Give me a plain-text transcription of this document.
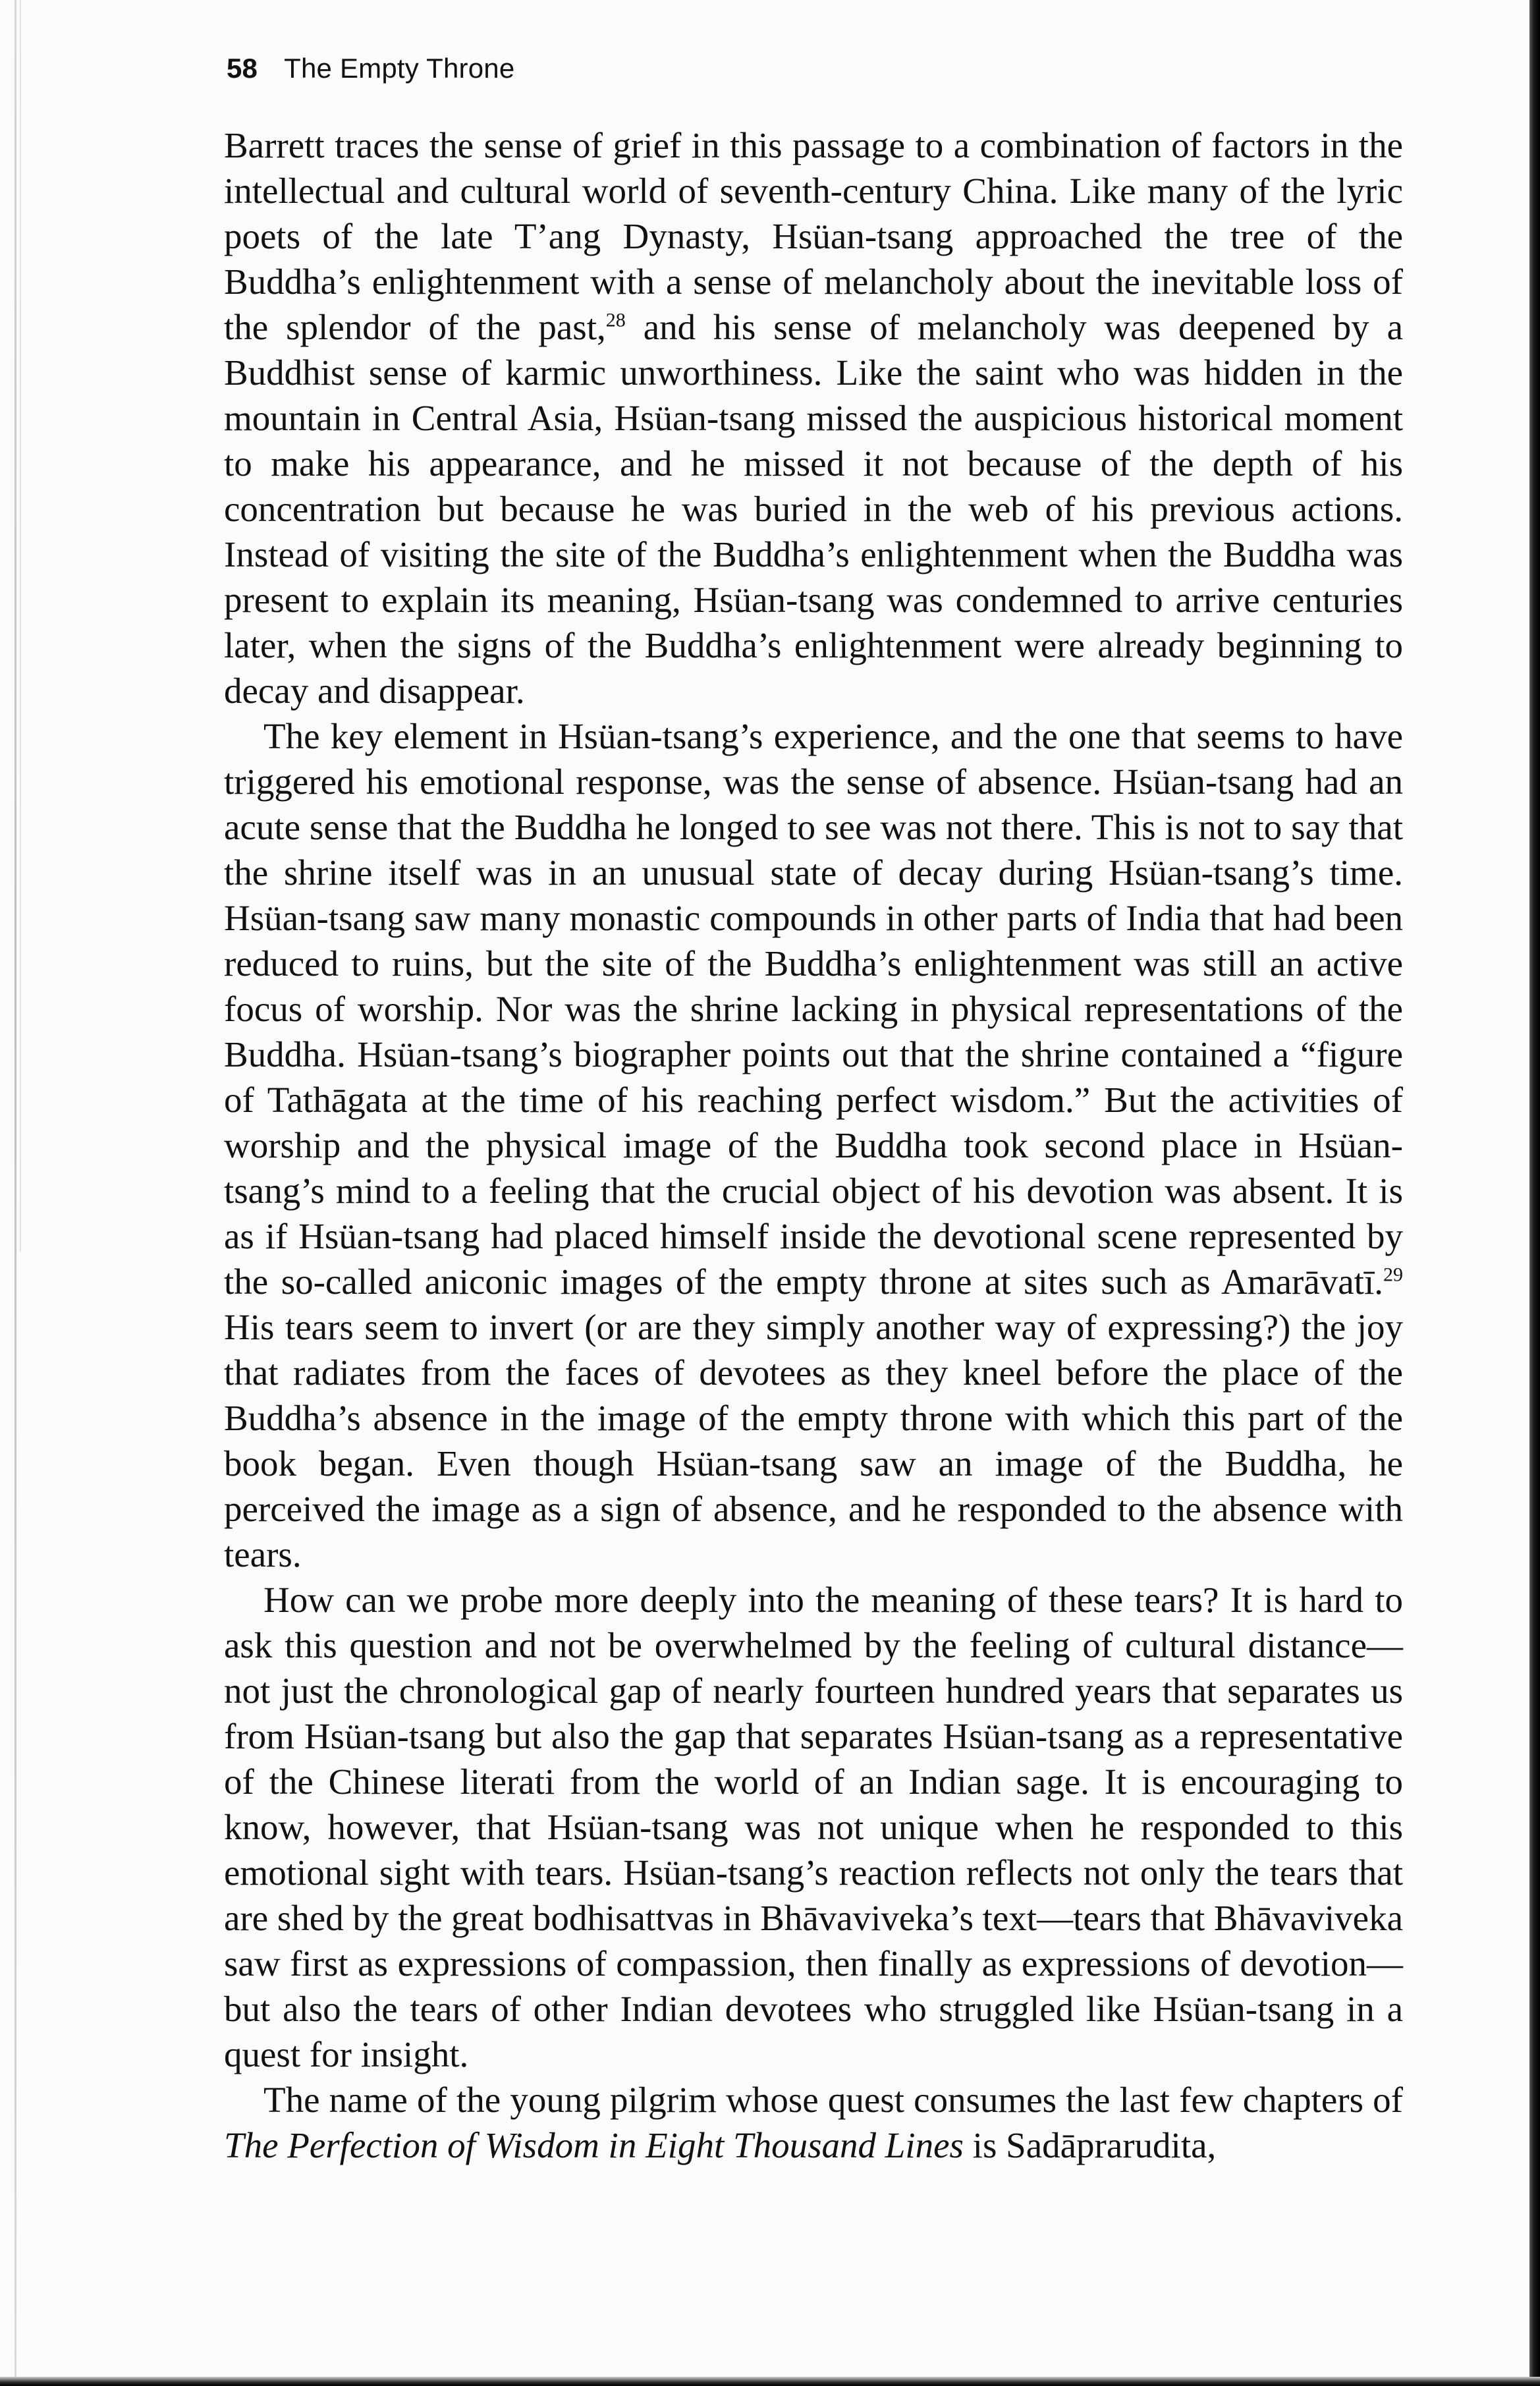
58 The Empty Throne

Barrett traces the sense of grief in this passage to a combination of factors in the intellectual and cultural world of seventh-century China. Like many of the lyric poets of the late T’ang Dynasty, Hsüan-tsang approached the tree of the Buddha’s enlightenment with a sense of melancholy about the inevitable loss of the splendor of the past,$^{28}$ and his sense of melancholy was deepened by a Buddhist sense of karmic unworthiness. Like the saint who was hidden in the mountain in Central Asia, Hsüan-tsang missed the auspicious historical moment to make his appearance, and he missed it not because of the depth of his concentration but because he was buried in the web of his previous actions. Instead of visiting the site of the Buddha’s enlightenment when the Buddha was present to explain its meaning, Hsüan-tsang was condemned to arrive centuries later, when the signs of the Buddha’s enlightenment were already beginning to decay and disappear.

The key element in Hsüan-tsang’s experience, and the one that seems to have triggered his emotional response, was the sense of absence. Hsüan-tsang had an acute sense that the Buddha he longed to see was not there. This is not to say that the shrine itself was in an unusual state of decay during Hsüan-tsang’s time. Hsüan-tsang saw many monastic compounds in other parts of India that had been reduced to ruins, but the site of the Buddha’s enlightenment was still an active focus of worship. Nor was the shrine lacking in physical representations of the Buddha. Hsüan-tsang’s biographer points out that the shrine contained a “figure of Tathāgata at the time of his reaching perfect wisdom.” But the activities of worship and the physical image of the Buddha took second place in Hsüan-tsang’s mind to a feeling that the crucial object of his devotion was absent. It is as if Hsüan-tsang had placed himself inside the devotional scene represented by the so-called aniconic images of the empty throne at sites such as Amarāvatī.$^{29}$ His tears seem to invert (or are they simply another way of expressing?) the joy that radiates from the faces of devotees as they kneel before the place of the Buddha’s absence in the image of the empty throne with which this part of the book began. Even though Hsüan-tsang saw an image of the Buddha, he perceived the image as a sign of absence, and he responded to the absence with tears.

How can we probe more deeply into the meaning of these tears? It is hard to ask this question and not be overwhelmed by the feeling of cultural distance—not just the chronological gap of nearly fourteen hundred years that separates us from Hsüan-tsang but also the gap that separates Hsüan-tsang as a representative of the Chinese literati from the world of an Indian sage. It is encouraging to know, however, that Hsüan-tsang was not unique when he responded to this emotional sight with tears. Hsüan-tsang’s reaction reflects not only the tears that are shed by the great bodhisattvas in Bhāvaviveka’s text—tears that Bhāvaviveka saw first as expressions of compassion, then finally as expressions of devotion—but also the tears of other Indian devotees who struggled like Hsüan-tsang in a quest for insight.

The name of the young pilgrim whose quest consumes the last few chapters of The Perfection of Wisdom in Eight Thousand Lines is Sadāprarudita,
